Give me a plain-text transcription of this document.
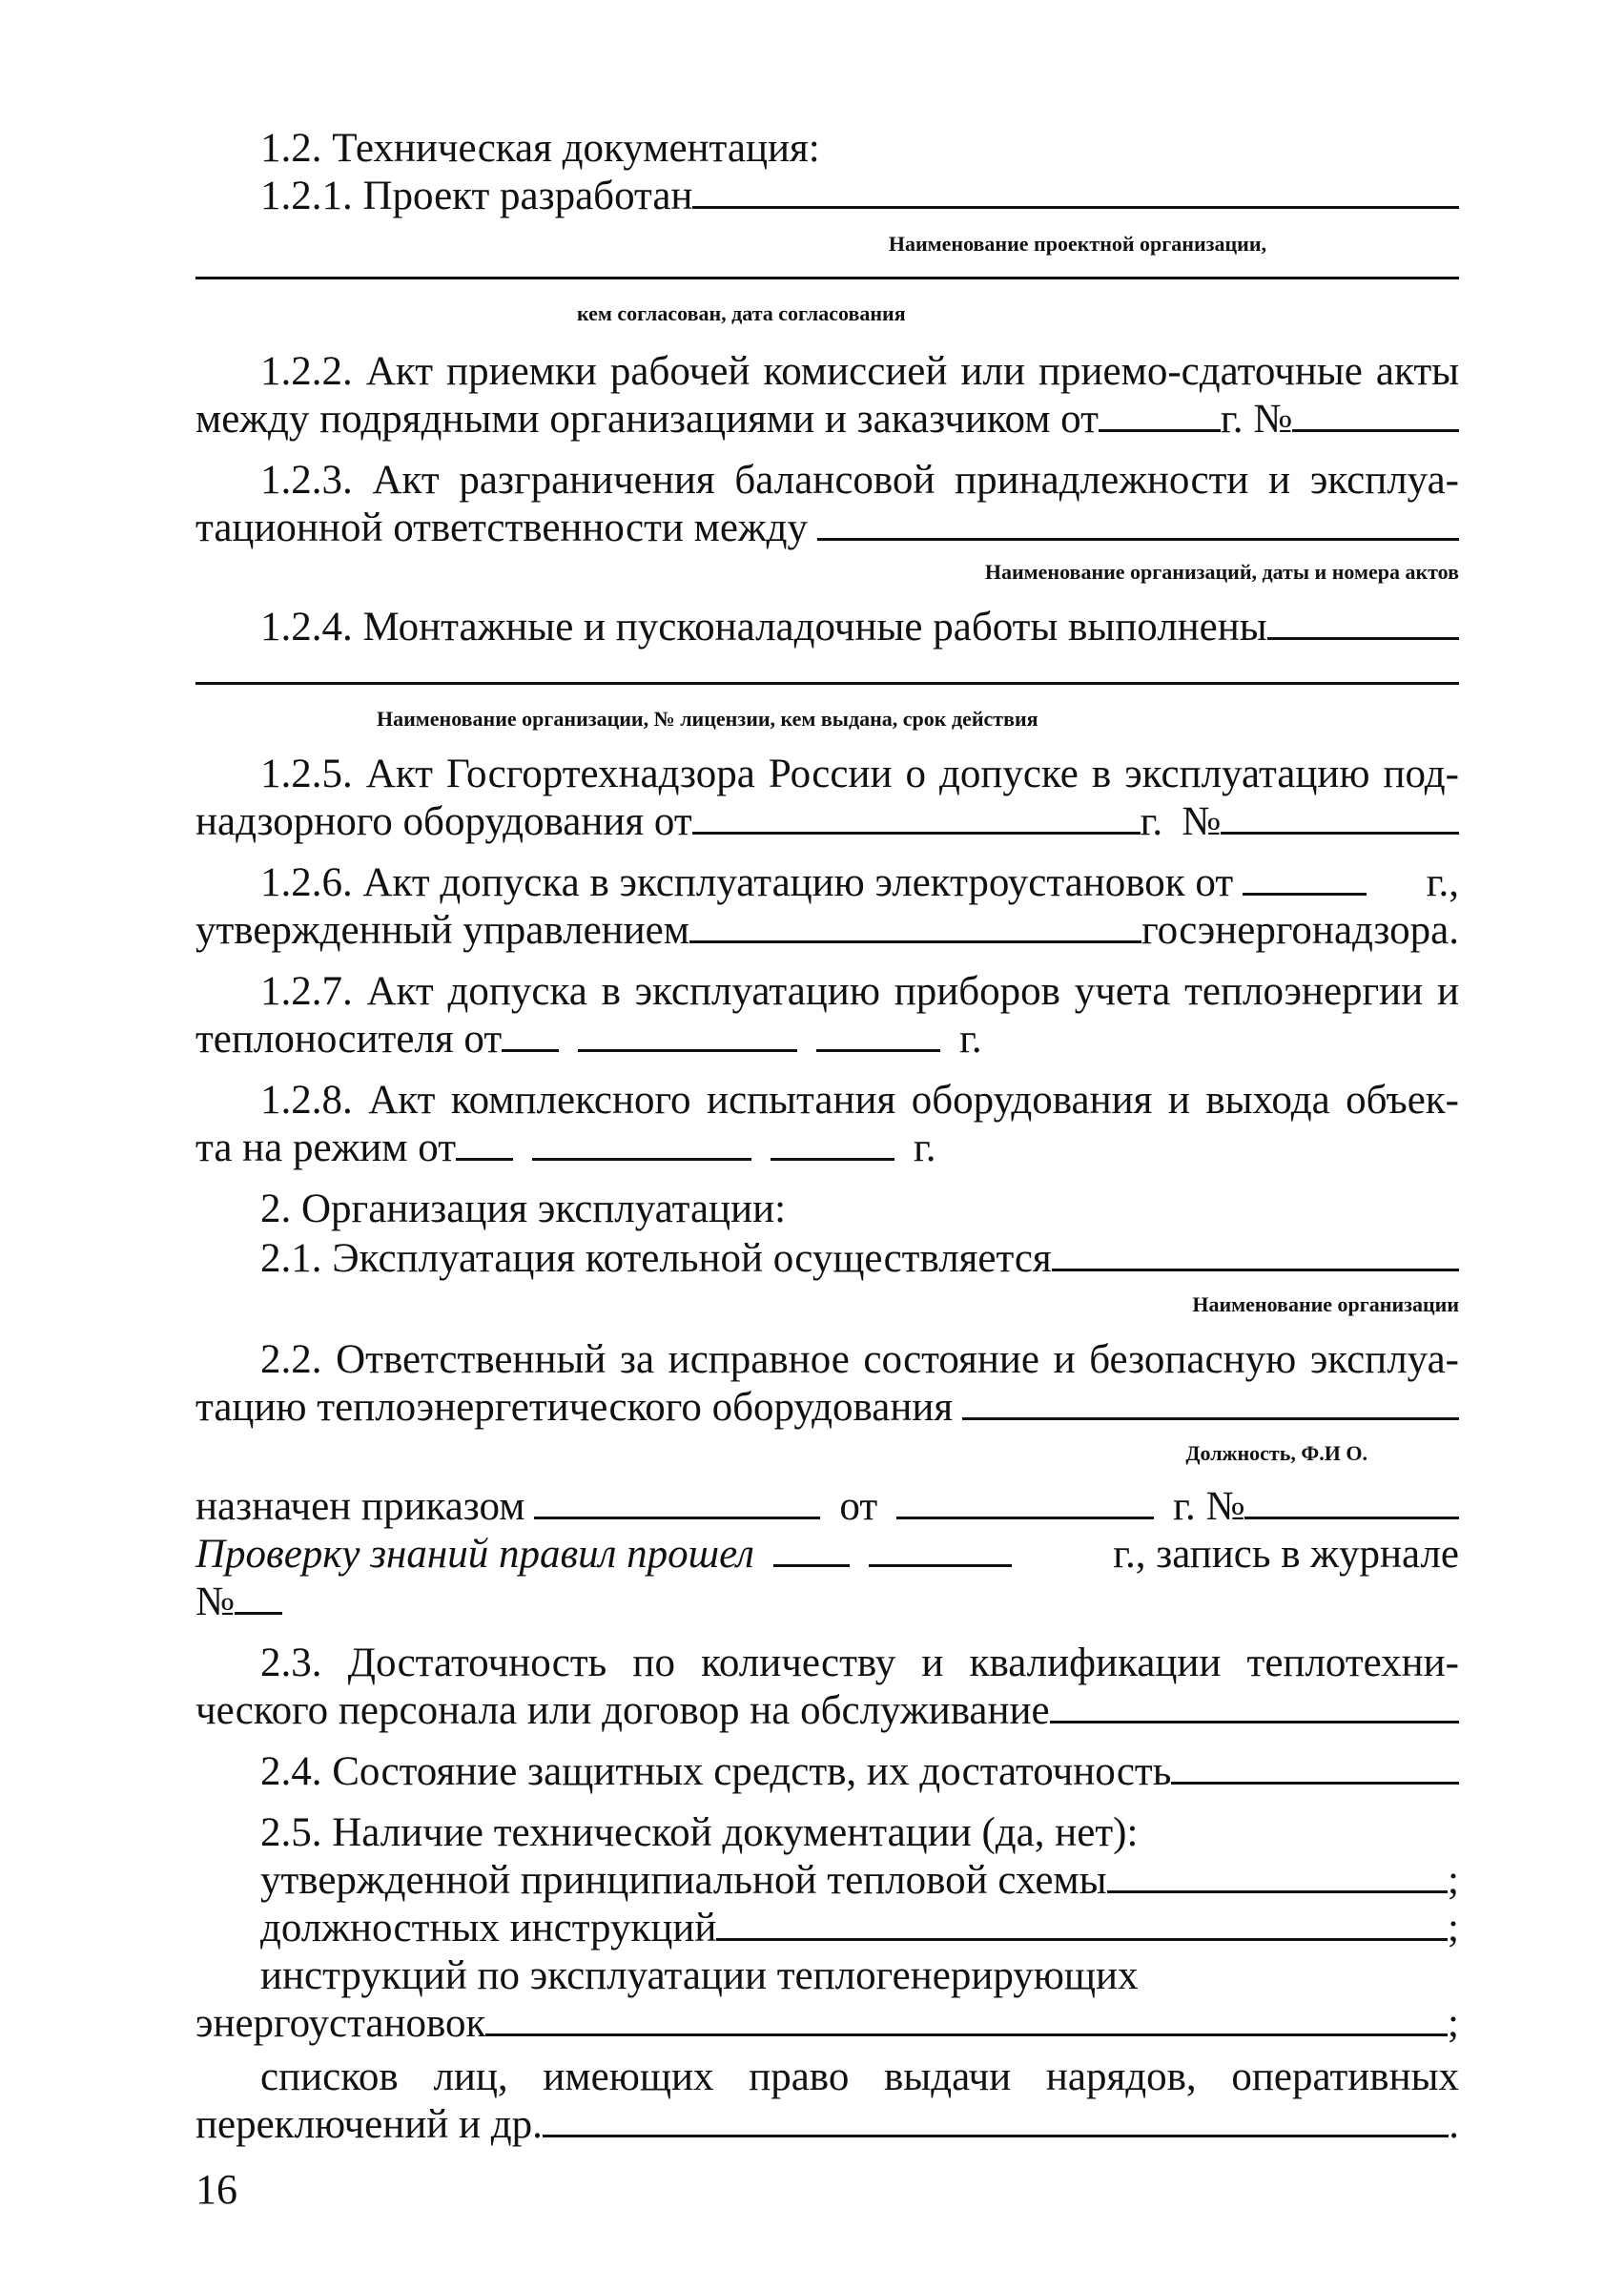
1.2. Техническая документация:
1.2.1. Проект разработан
Наименование проектной организации,
кем согласован, дата согласования
1.2.2. Акт приемки рабочей комиссией или приемо-сдаточные акты
между подрядными организациями и заказчиком от	г. №
1.2.3. Акт разграничения балансовой принадлежности и эксплуа-
тационной ответственности между
Наименование организаций, даты и номера актов
1.2.4. Монтажные и пусконаладочные работы выполнены
Наименование организации, № лицензии, кем выдана, срок действия
1.2.5. Акт Госгортехнадзора России о допуске в эксплуатацию под-
надзорного оборудования от	г. №
1.2.6. Акт допуска в эксплуатацию электроустановок от	г.,
утвержденный управлением	госэнергонадзора.
1.2.7. Акт допуска в эксплуатацию приборов учета теплоэнергии и
теплоносителя от	г.
1.2.8. Акт комплексного испытания оборудования и выхода объек-
та на режим от	г.
2. Организация эксплуатации:
2.1. Эксплуатация котельной осуществляется
Наименование организации
2.2. Ответственный за исправное состояние и безопасную эксплуа-
тацию теплоэнергетического оборудования
Должность, Ф.И О.
назначен приказом	от	г. №
Проверку знаний правил прошел	г., запись в журнале
№
2.3. Достаточность по количеству и квалификации теплотехни-
ческого персонала или договор на обслуживание
2.4. Состояние защитных средств, их достаточность
2.5. Наличие технической документации (да, нет):
утвержденной принципиальной тепловой схемы	;
должностных инструкций	;
инструкций по эксплуатации теплогенерирующих
энергоустановок	;
списков лиц, имеющих право выдачи нарядов, оперативных
переключений и др.	.
16
